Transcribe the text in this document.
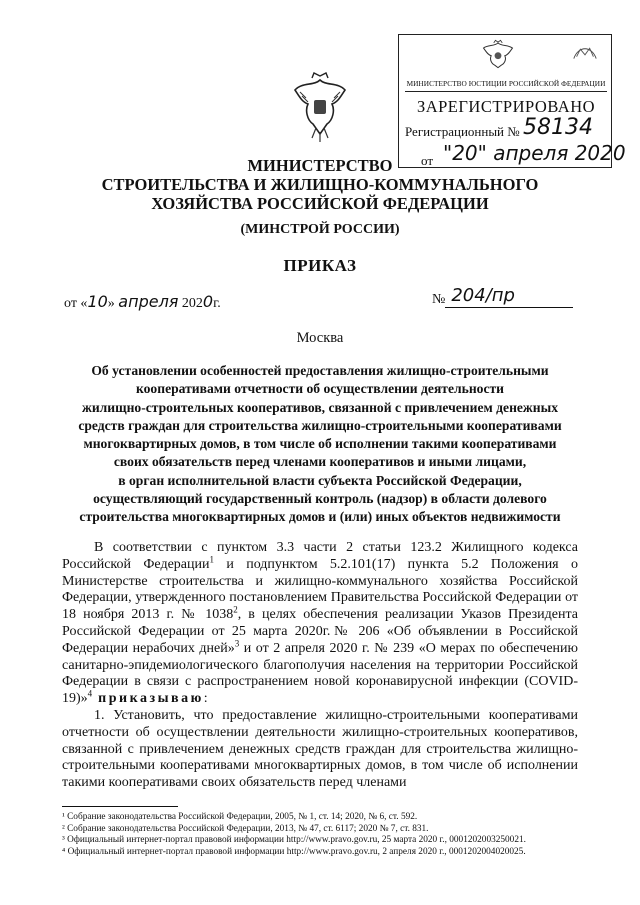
МИНИСТЕРСТВО ЮСТИЦИИ РОССИЙСКОЙ ФЕДЕРАЦИИ
ЗАРЕГИСТРИРОВАНО
Регистрационный № 58134
от "20" апреля 2020
МИНИСТЕРСТВО
СТРОИТЕЛЬСТВА И ЖИЛИЩНО-КОММУНАЛЬНОГО
ХОЗЯЙСТВА РОССИЙСКОЙ ФЕДЕРАЦИИ
(МИНСТРОЙ РОССИИ)
ПРИКАЗ
от «10» апреля 2020г.	№ 204/пр
Москва
Об установлении особенностей предоставления жилищно-строительными
кооперативами отчетности об осуществлении деятельности
жилищно-строительных кооперативов, связанной с привлечением денежных
средств граждан для строительства жилищно-строительными кооперативами
многоквартирных домов, в том числе об исполнении такими кооперативами
своих обязательств перед членами кооперативов и иными лицами,
в орган исполнительной власти субъекта Российской Федерации,
осуществляющий государственный контроль (надзор) в области долевого
строительства многоквартирных домов и (или) иных объектов недвижимости

В соответствии с пунктом 3.3 части 2 статьи 123.2 Жилищного кодекса Российской Федерации$^1$ и подпунктом 5.2.101(17) пункта 5.2 Положения о Министерстве строительства и жилищно-коммунального хозяйства Российской Федерации, утвержденного постановлением Правительства Российской Федерации от 18 ноября 2013 г. № 1038$^2$, в целях обеспечения реализации Указов Президента Российской Федерации от 25 марта 2020г.№ 206 «Об объявлении в Российской Федерации нерабочих дней»$^3$ и от 2 апреля 2020 г. № 239 «О мерах по обеспечению санитарно-эпидемиологического благополучия населения на территории Российской Федерации в связи с распространением новой коронавирусной инфекции (COVID-19)»$^4$ приказываю:

1. Установить, что предоставление жилищно-строительными кооперативами отчетности об осуществлении деятельности жилищно-строительных кооперативов, связанной с привлечением денежных средств граждан для строительства жилищно-строительными кооперативами многоквартирных домов, в том числе об исполнении такими кооперативами своих обязательств перед членами

¹ Собрание законодательства Российской Федерации, 2005, № 1, ст. 14; 2020, № 6, ст. 592.
² Собрание законодательства Российской Федерации, 2013, № 47, ст. 6117; 2020 № 7, ст. 831.
³ Официальный интернет-портал правовой информации http://www.pravo.gov.ru, 25 марта 2020 г., 0001202003250021.
⁴ Официальный интернет-портал правовой информации http://www.pravo.gov.ru, 2 апреля 2020 г., 0001202004020025.
